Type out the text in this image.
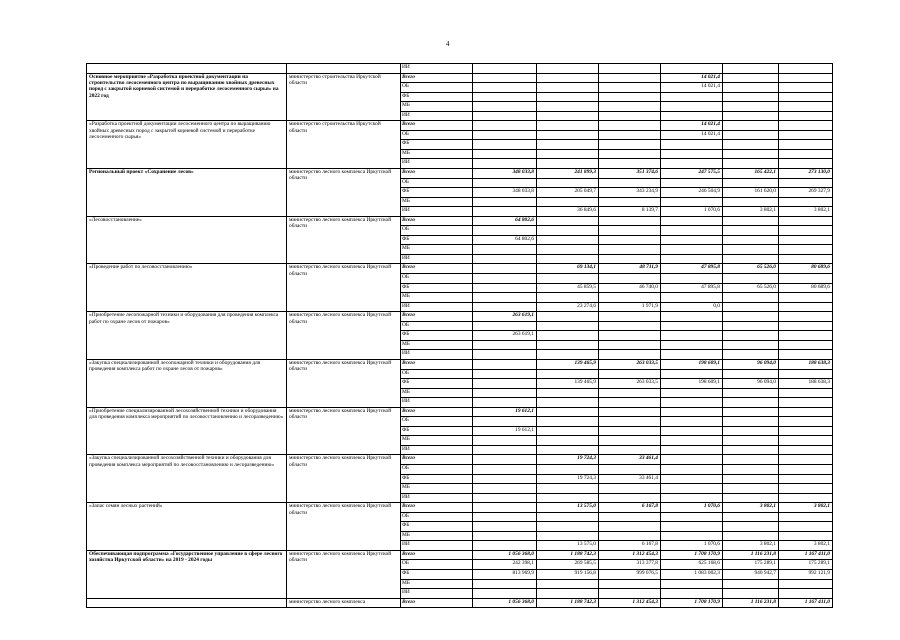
4
		ИИ						
Основное мероприятие «Разработка проектной документации на строительство лесосеменного центра по выращиванию хвойных древесных пород с закрытой корневой системой и переработке лесосеменного сырья» на 2022 год	министерство строительства Иркутской области	Всего				14 021,4		
		ОБ				14 021,4		
		ФБ						
		МБ						
		ИИ						
«Разработка проектной документации лесосеменного центра по выращиванию хвойных древесных пород с закрытой корневой системой и переработке лесосеменного сырья»	министерство строительства Иркутской области	Всего				14 021,4		
		ОБ				14 021,4		
		ФБ						
		МБ						
		ИИ						
Региональный проект «Сохранение лесов»	министерство лесного комплекса Иркутской области	Всего	348 033,8	241 899,3	351 374,6	247 575,5	165 422,1	273 130,0
		ОБ						
		ФБ	348 033,8	205 049,7	343 234,9	246 504,9	161 620,0	269 327,9
		МБ						
		ИИ		36 849,6	8 139,7	1 070,6	3 802,1	3 802,1
«Лесовосстановление»	министерство лесного комплекса Иркутской области	Всего	64 802,6					
		ОБ						
		ФБ	64 802,6					
		МБ						
		ИИ						
«Проведение работ по лесовосстановлению»	министерство лесного комплекса Иркутской области	Всего		69 134,1	48 711,9	47 895,8	65 526,0	80 689,6
		ОБ						
		ФБ		45 859,5	46 740,0	47 895,8	65 526,0	80 689,6
		МБ						
		ИИ		23 274,6	1 971,9	0,0		
«Приобретение лесопожарной техники и оборудования для проведения комплекса работ по охране лесов от пожаров»	министерство лесного комплекса Иркутской области	Всего	263 619,1					
		ОБ						
		ФБ	263 619,1					
		МБ						
		ИИ						
«Закупка специализированной лесопожарной техники и оборудования для проведения комплекса работ по охране лесов от пожаров»	министерство лесного комплекса Иркутской области	Всего		139 465,9	263 033,5	198 609,1	96 094,0	188 638,3
		ОБ						
		ФБ		139 465,9	263 033,5	198 609,1	96 094,0	188 638,3
		МБ						
		ИИ						
«Приобретение специализированной лесохозяйственной техники и оборудования для проведения комплекса мероприятий по лесовосстановлению и лесоразведению»	министерство лесного комплекса Иркутской области	Всего	19 612,1					
		ОБ						
		ФБ	19 612,1					
		МБ						
		ИИ						
«Закупка специализированной лесохозяйственной техники и оборудования для проведения комплекса мероприятий по лесовосстановлению и лесоразведению»	министерство лесного комплекса Иркутской области	Всего		19 724,3	33 461,4			
		ОБ						
		ФБ		19 724,3	33 461,4			
		МБ						
		ИИ						
«Запас семян лесных растений»	министерство лесного комплекса Иркутской области	Всего		13 575,0	6 167,8	1 070,6	3 802,1	3 802,1
		ОБ						
		ФБ						
		МБ						
		ИИ		13 575,0	6 167,8	1 070,6	3 802,1	3 802,1
Обеспечивающая подпрограмма «Государственное управление в сфере лесного хозяйства Иркутской области» на 2019 - 2024 годы	министерство лесного комплекса Иркутской области	Всего	1 056 368,0	1 188 742,3	1 312 454,3	1 708 170,9	1 116 231,8	1 167 411,0
		ОБ	242 398,1	269 585,5	313 377,8	625 168,6	175 289,1	175 289,1
		ФБ	813 969,9	919 156,8	999 076,5	1 083 002,3	940 942,7	992 121,9
		МБ						
		ИИ						
	министерство лесного комплекса	Всего	1 056 368,0	1 188 742,3	1 312 454,3	1 708 170,9	1 116 231,8	1 167 411,0
